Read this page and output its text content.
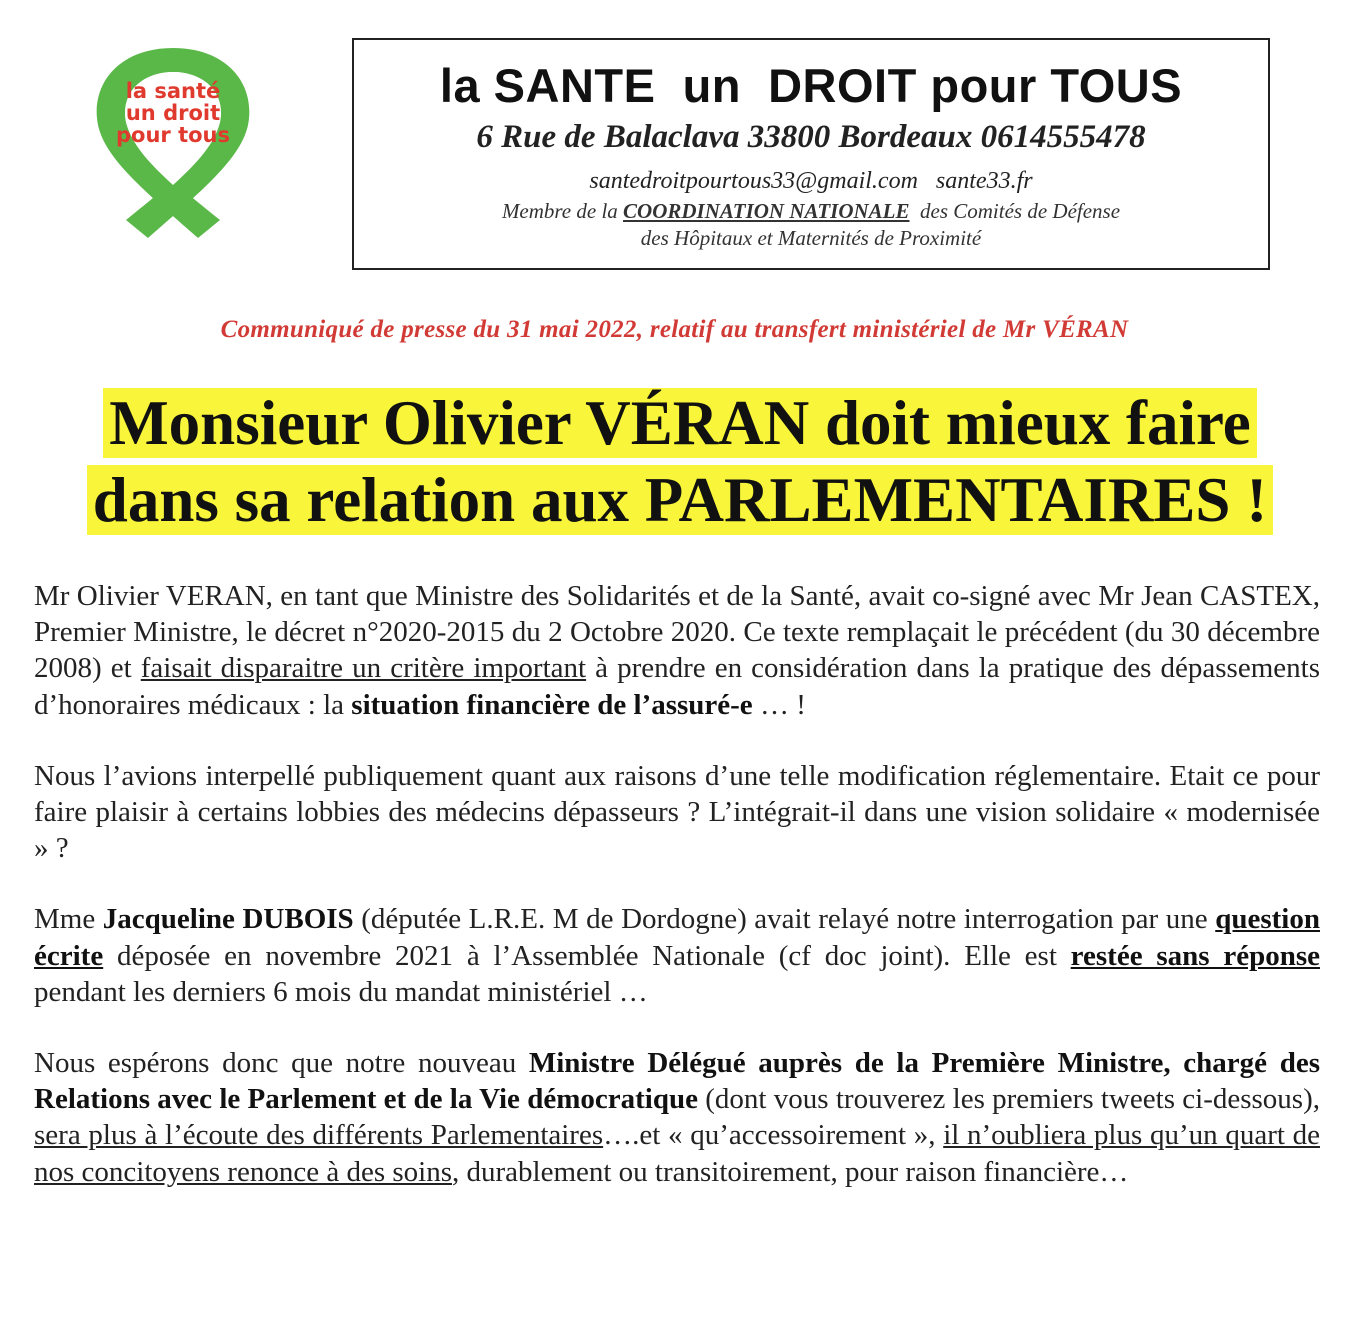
la santé
un droit
pour tous
la SANTE  un  DROIT pour TOUS
6 Rue de Balaclava 33800 Bordeaux 0614555478
santedroitpourtous33@gmail.com   sante33.fr
Membre de la COORDINATION NATIONALE  des Comités de Défense
des Hôpitaux et Maternités de Proximité
Communiqué de presse du 31 mai 2022, relatif au transfert ministériel de Mr VÉRAN
Monsieur Olivier VÉRAN doit mieux faire
dans sa relation aux PARLEMENTAIRES !

Mr Olivier VERAN, en tant que Ministre des Solidarités et de la Santé, avait co-signé avec Mr Jean CASTEX, Premier Ministre, le décret n°2020-2015 du 2 Octobre 2020. Ce texte remplaçait le précédent (du 30 décembre 2008) et faisait disparaitre un critère important à prendre en considération dans la pratique des dépassements d’honoraires médicaux : la situation financière de l’assuré-e … !

Nous l’avions interpellé publiquement quant aux raisons d’une telle modification réglementaire. Etait ce pour faire plaisir à certains lobbies des médecins dépasseurs ? L’intégrait-il dans une vision solidaire « modernisée » ?

Mme Jacqueline DUBOIS (députée L.R.E. M de Dordogne) avait relayé notre interrogation par une question écrite déposée en novembre 2021 à l’Assemblée Nationale (cf doc joint). Elle est restée sans réponse pendant les derniers 6 mois du mandat ministériel …

Nous espérons donc que notre nouveau Ministre Délégué auprès de la Première Ministre, chargé des Relations avec le Parlement et de la Vie démocratique (dont vous trouverez les premiers tweets ci-dessous), sera plus à l’écoute des différents Parlementaires….et « qu’accessoirement », il n’oubliera plus qu’un quart de nos concitoyens renonce à des soins, durablement ou transitoirement, pour raison financière…
